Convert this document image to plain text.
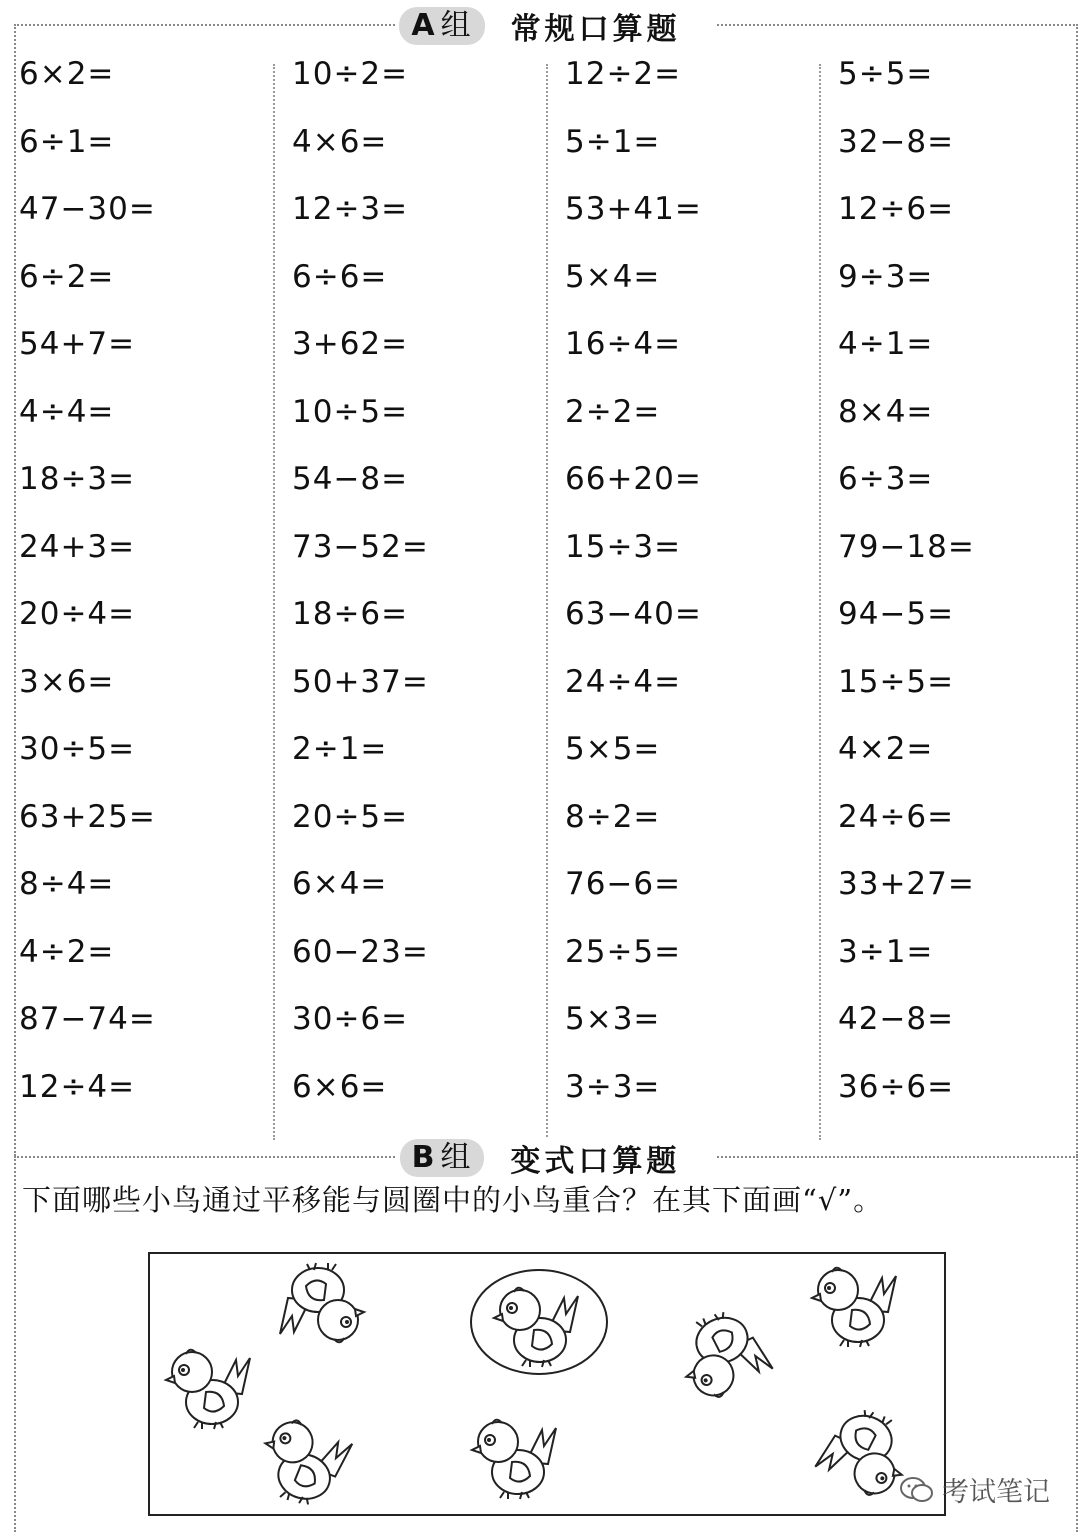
A 组 常规口算题
6×2=
6÷1=
47−30=
6÷2=
54+7=
4÷4=
18÷3=
24+3=
20÷4=
3×6=
30÷5=
63+25=
8÷4=
4÷2=
87−74=
12÷4=
10÷2=
4×6=
12÷3=
6÷6=
3+62=
10÷5=
54−8=
73−52=
18÷6=
50+37=
2÷1=
20÷5=
6×4=
60−23=
30÷6=
6×6=
12÷2=
5÷1=
53+41=
5×4=
16÷4=
2÷2=
66+20=
15÷3=
63−40=
24÷4=
5×5=
8÷2=
76−6=
25÷5=
5×3=
3÷3=
5÷5=
32−8=
12÷6=
9÷3=
4÷1=
8×4=
6÷3=
79−18=
94−5=
15÷5=
4×2=
24÷6=
33+27=
3÷1=
42−8=
36÷6=
B 组 变式口算题
下面哪些小鸟通过平移能与圆圈中的小鸟重合？在其下面画“√”。
考试笔记
